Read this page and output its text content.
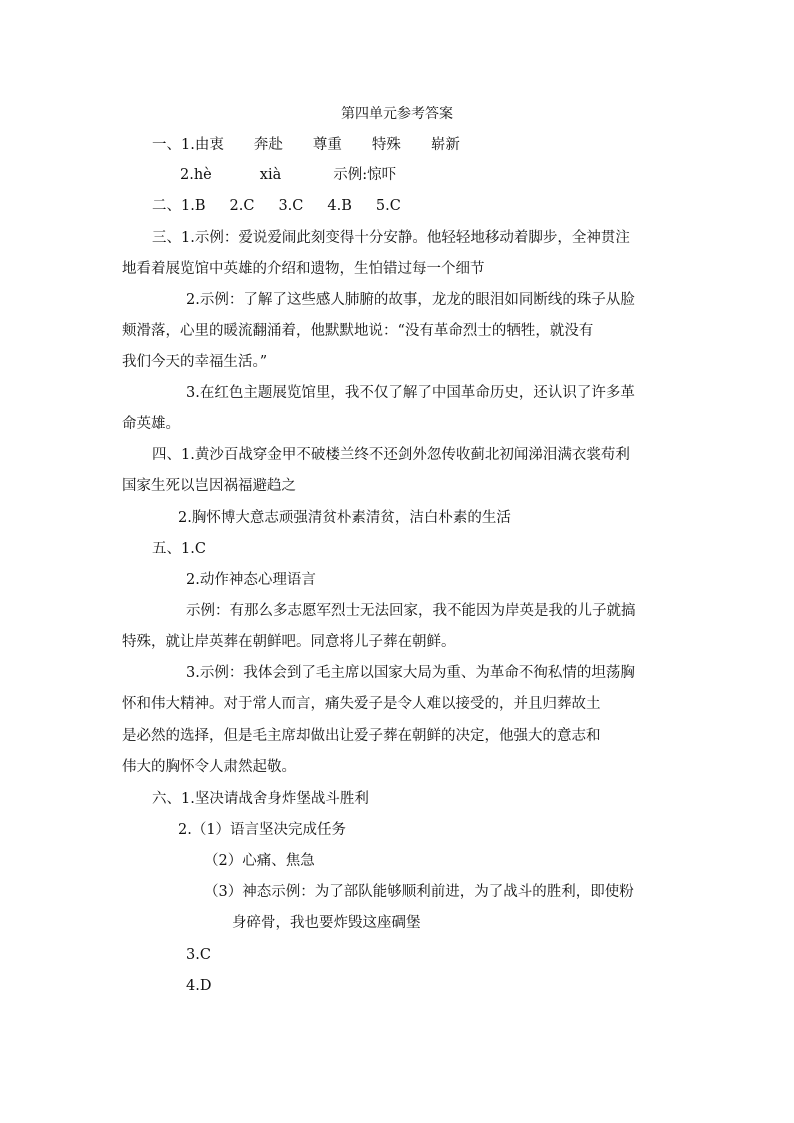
第四单元参考答案
一、1.由衷 奔赴 尊重 特殊 崭新
2.hè	xià	示例:惊吓
二、1.B 2.C 3.C 4.B 5.C
三、1.示例：爱说爱闹此刻变得十分安静。他轻轻地移动着脚步，全神贯注
地看着展览馆中英雄的介绍和遗物，生怕错过每一个细节
2.示例：了解了这些感人肺腑的故事，龙龙的眼泪如同断线的珠子从脸
颊滑落，心里的暖流翻涌着，他默默地说：“没有革命烈士的牺牲，就没有
我们今天的幸福生活。”
3.在红色主题展览馆里，我不仅了解了中国革命历史，还认识了许多革
命英雄。
四、1.黄沙百战穿金甲不破楼兰终不还剑外忽传收蓟北初闻涕泪满衣裳苟利
国家生死以岂因祸福避趋之
2.胸怀博大意志顽强清贫朴素清贫，洁白朴素的生活
五、1.C
2.动作神态心理语言
示例：有那么多志愿军烈士无法回家，我不能因为岸英是我的儿子就搞
特殊，就让岸英葬在朝鲜吧。同意将儿子葬在朝鲜。
3.示例：我体会到了毛主席以国家大局为重、为革命不徇私情的坦荡胸
怀和伟大精神。对于常人而言，痛失爱子是令人难以接受的，并且归葬故土
是必然的选择，但是毛主席却做出让爱子葬在朝鲜的决定，他强大的意志和
伟大的胸怀令人肃然起敬。
六、1.坚决请战舍身炸堡战斗胜利
2.（1）语言坚决完成任务
（2）心痛、焦急
（3）神态示例：为了部队能够顺利前进，为了战斗的胜利，即使粉
身碎骨，我也要炸毁这座碉堡
3.C
4.D
